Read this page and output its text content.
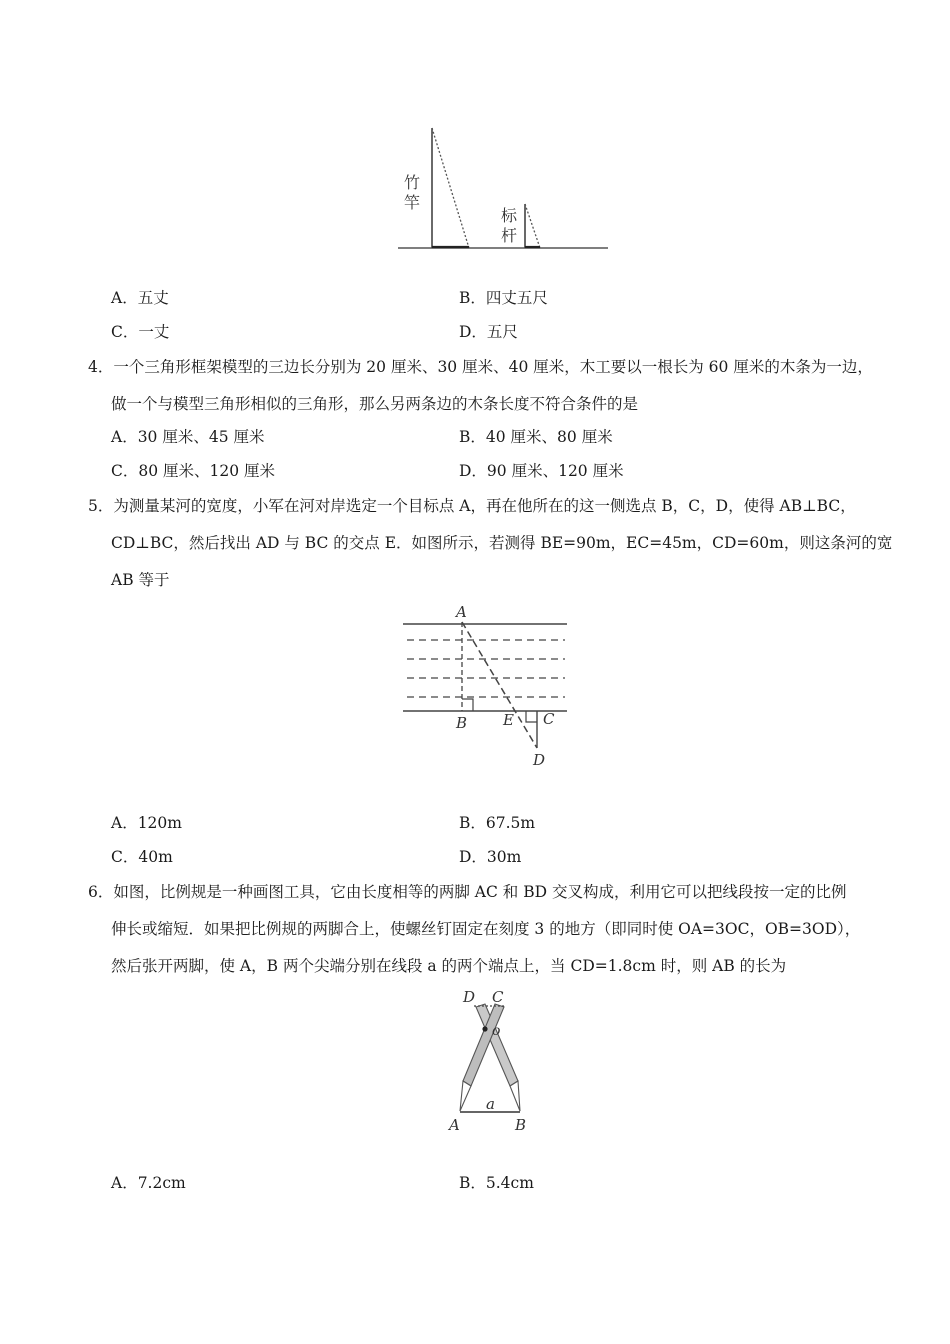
竹
竿
标
杆
A．五丈	B．四丈五尺
C．一丈	D．五尺
4．一个三角形框架模型的三边长分别为 20 厘米、30 厘米、40 厘米，木工要以一根长为 60 厘米的木条为一边，
做一个与模型三角形相似的三角形，那么另两条边的木条长度不符合条件的是
A．30 厘米、45 厘米	B．40 厘米、80 厘米
C．80 厘米、120 厘米	D．90 厘米、120 厘米
5．为测量某河的宽度，小军在河对岸选定一个目标点 A，再在他所在的这一侧选点 B，C，D，使得 AB⊥BC，
CD⊥BC，然后找出 AD 与 BC 的交点 E．如图所示，若测得 BE=90m，EC=45m，CD=60m，则这条河的宽
AB 等于
A
B E C
D
A．120m	B．67.5m
C．40m	D．30m
6．如图，比例规是一种画图工具，它由长度相等的两脚 AC 和 BD 交叉构成，利用它可以把线段按一定的比例
伸长或缩短．如果把比例规的两脚合上，使螺丝钉固定在刻度 3 的地方（即同时使 OA=3OC，OB=3OD），
然后张开两脚，使 A，B 两个尖端分别在线段 a 的两个端点上，当 CD=1.8cm 时，则 AB 的长为
D C
o
a
A	B
A．7.2cm	B．5.4cm
